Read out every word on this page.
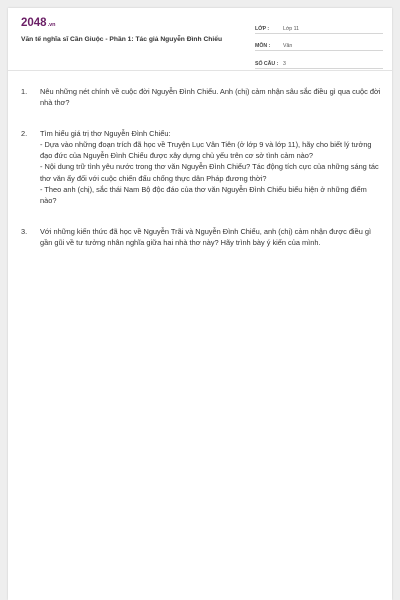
2048.vn
Văn tế nghĩa sĩ Cần Giuộc - Phần 1: Tác giả Nguyễn Đình Chiểu
LỚP :	Lớp 11
MÔN :	Văn
SỐ CÂU : 3
1.	Nêu những nét chính về cuộc đời Nguyễn Đình Chiểu. Anh (chị) cảm nhận sâu sắc điều gì qua cuộc đời nhà thơ?
2.	Tìm hiểu giá trị thơ Nguyễn Đình Chiểu:
- Dựa vào những đoạn trích đã học về Truyện Lục Vân Tiên (ở lớp 9 và lớp 11), hãy cho biết lý tưởng đạo đức của Nguyễn Đình Chiểu được xây dựng chủ yếu trên cơ sở tình cảm nào?
- Nội dung trữ tình yêu nước trong thơ văn Nguyễn Đình Chiểu? Tác động tích cực của những sáng tác thơ văn ấy đối với cuộc chiến đấu chống thực dân Pháp đương thời?
- Theo anh (chị), sắc thái Nam Bộ độc đáo của thơ văn Nguyễn Đình Chiểu biểu hiện ở những điểm nào?
3.	Với những kiến thức đã học về Nguyễn Trãi và Nguyễn Đình Chiểu, anh (chị) cảm nhận được điều gì gần gũi về tư tưởng nhân nghĩa giữa hai nhà thơ này? Hãy trình bày ý kiến của mình.
